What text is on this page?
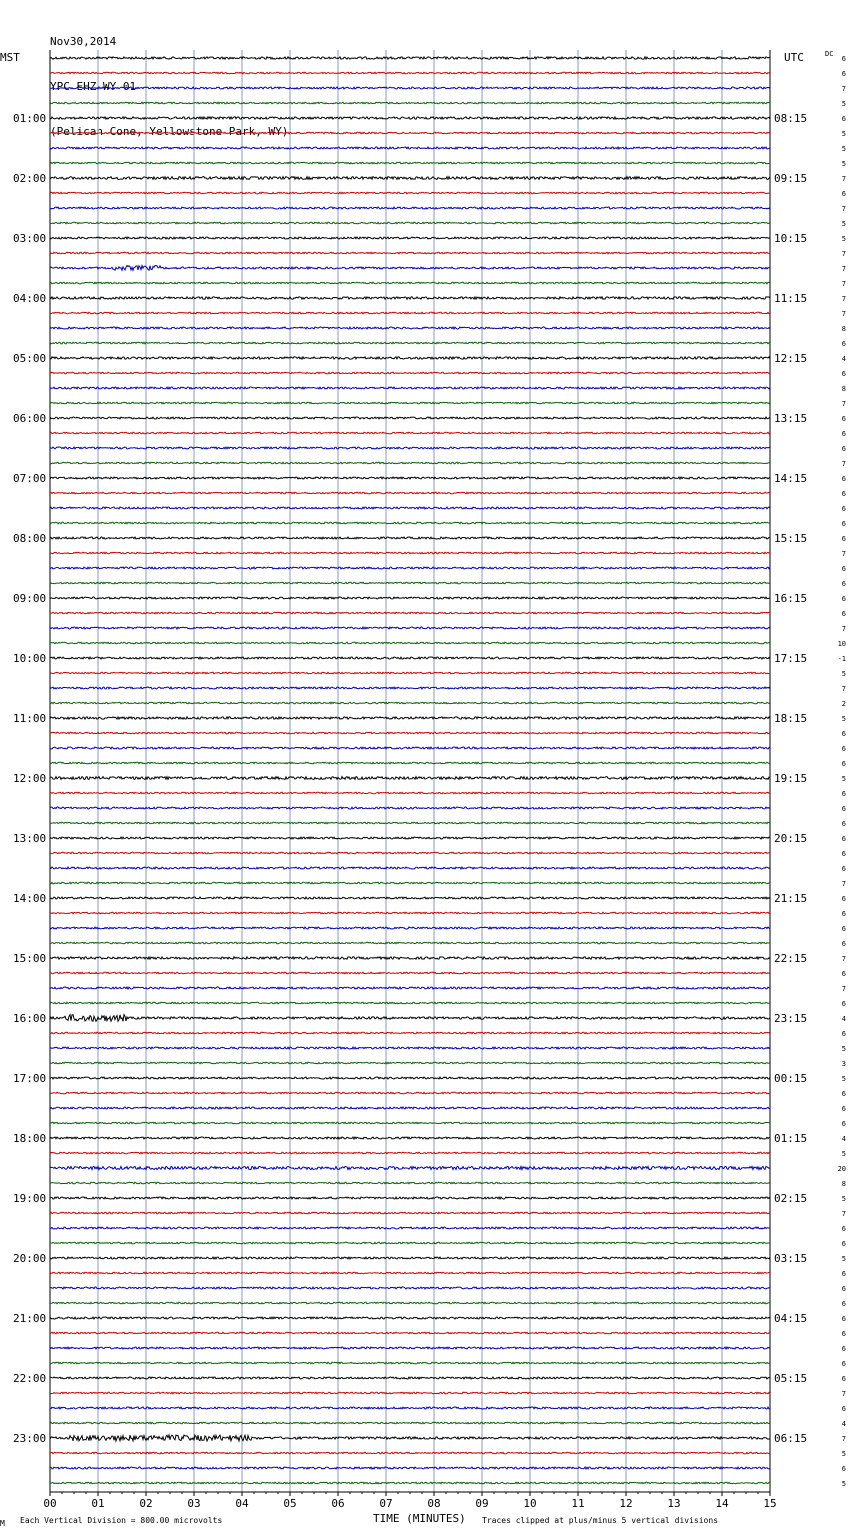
Nov30,2014

YPC EHZ WY 01

(Pelican Cone, Yellowstone Park, WY)

MST	UTC	DC
01:00
02:00
03:00
04:00
05:00
06:00
07:00
08:00
09:00
10:00
11:00
12:00
13:00
14:00
15:00
16:00
17:00
18:00
19:00
20:00
21:00
22:00
23:00
08:15
09:15
10:15
11:15
12:15
13:15
14:15
15:15
16:15
17:15
18:15
19:15
20:15
21:15
22:15
23:15
00:15
01:15
02:15
03:15
04:15
05:15
06:15
6
6
7
5
6
5
5
5
7
6
7
5
5
7
7
7
7
7
8
6
4
6
8
7
6
6
6
7
6
6
6
6
6
7
6
6
6
6
7
10
-1
5
7
2
5
6
6
6
5
6
6
6
6
6
6
7
6
6
6
6
7
6
7
6
4
6
5
3
5
6
6
6
4
5
20
8
5
7
6
6
5
6
6
6
6
6
6
6
6
7
6
4
7
5
6
5
00	01	02	03	04	05	06	07	08	09	10	11	12	13	14	15
M Each Vertical Division = 800.00 microvolts	TIME (MINUTES) Traces clipped at plus/minus 5 vertical divisions
